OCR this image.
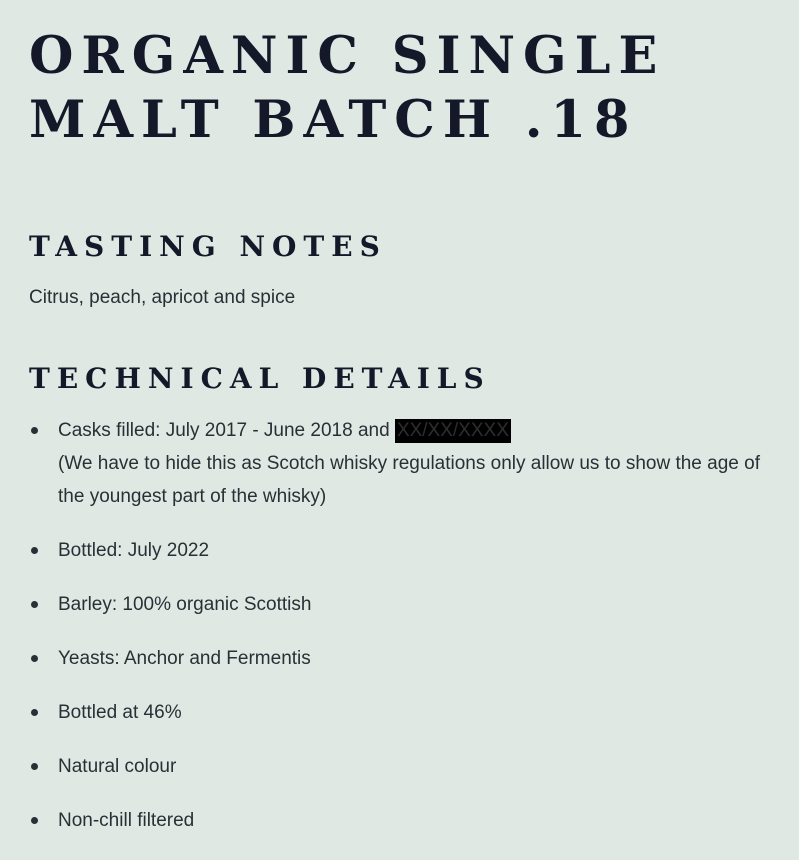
ORGANIC SINGLE
MALT BATCH .18
TASTING NOTES

Citrus, peach, apricot and spice

TECHNICAL DETAILS
Casks filled: July 2017 - June 2018 and XX/XX/XXXX
(We have to hide this as Scotch whisky regulations only allow us to show the age of the youngest part of the whisky)
Bottled: July 2022
Barley: 100% organic Scottish
Yeasts: Anchor and Fermentis
Bottled at 46%
Natural colour
Non-chill filtered
